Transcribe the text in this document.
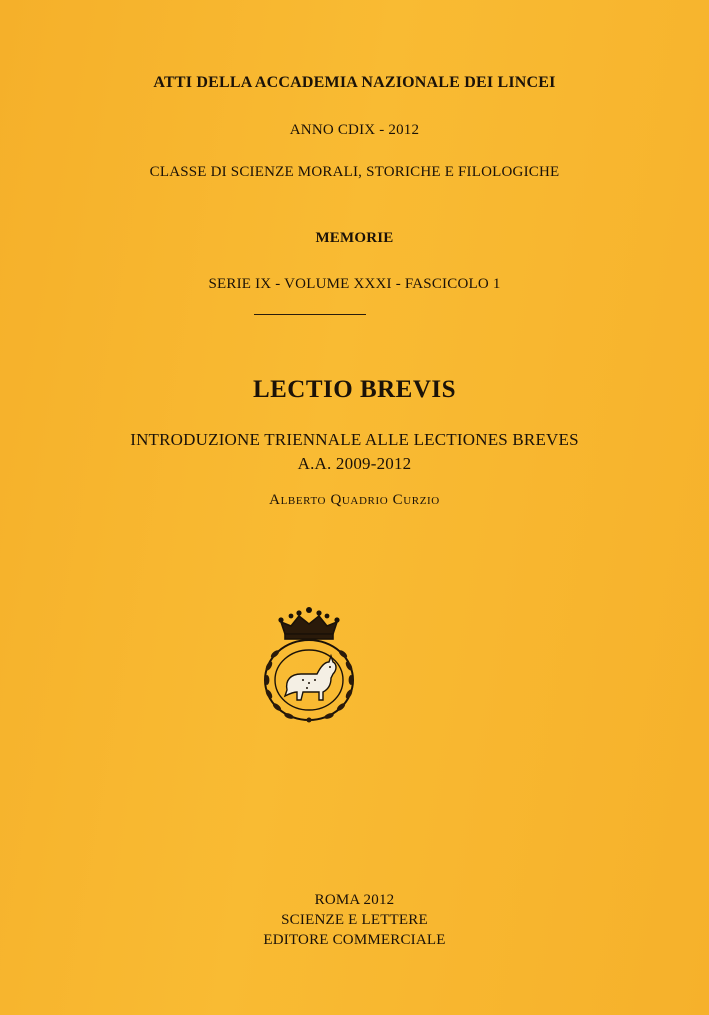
ATTI DELLA ACCADEMIA NAZIONALE DEI LINCEI
ANNO CDIX - 2012
CLASSE DI SCIENZE MORALI, STORICHE E FILOLOGICHE
MEMORIE
SERIE IX - VOLUME XXXI - FASCICOLO 1
LECTIO BREVIS
INTRODUZIONE TRIENNALE ALLE LECTIONES BREVES
A.A. 2009-2012
Alberto Quadrio Curzio
ROMA 2012
SCIENZE E LETTERE
EDITORE COMMERCIALE
